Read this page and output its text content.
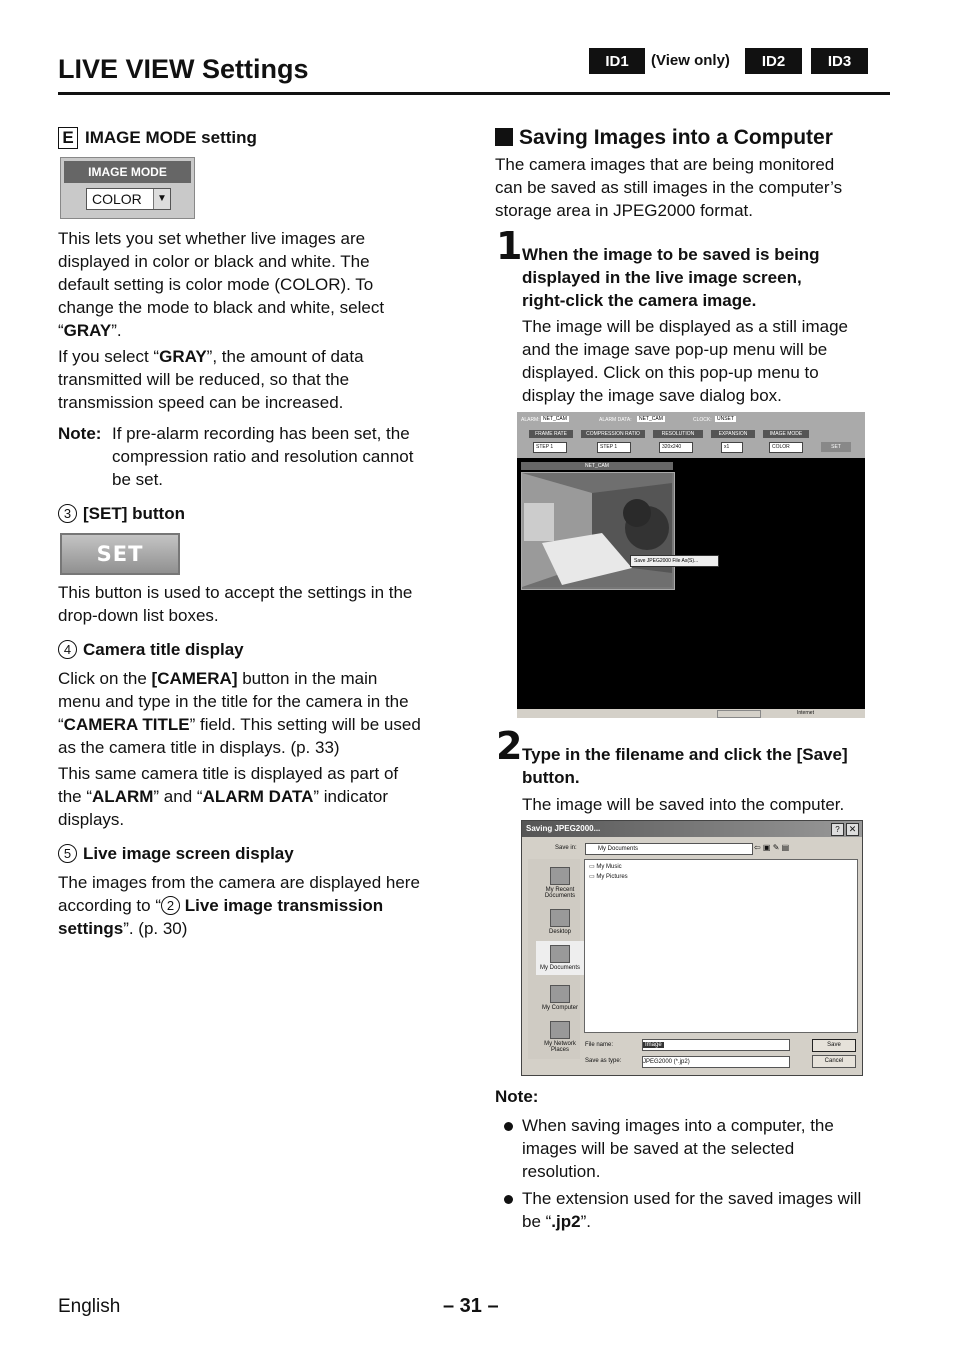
LIVE VIEW Settings	ID1	(View only)	ID2	ID3
E IMAGE MODE setting
IMAGE MODE
COLOR	▼
This lets you set whether live images are
displayed in color or black and white. The
default setting is color mode (COLOR). To
change the mode to black and white, select
“GRAY”.
If you select “GRAY”, the amount of data
transmitted will be reduced, so that the
transmission speed can be increased.
Note: If pre-alarm recording has been set, the
compression ratio and resolution cannot
be set.
3 [SET] button
SET
This button is used to accept the settings in the
drop-down list boxes.
4 Camera title display
Click on the [CAMERA] button in the main
menu and type in the title for the camera in the
“CAMERA TITLE” field. This setting will be used
as the camera title in displays. (p. 33)
This same camera title is displayed as part of
the “ALARM” and “ALARM DATA” indicator
displays.
5 Live image screen display
The images from the camera are displayed here
according to “ 2 Live image transmission
settings”. (p. 30)
Saving Images into a Computer
The camera images that are being monitored
can be saved as still images in the computer’s
storage area in JPEG2000 format.
1 When the image to be saved is being
displayed in the live image screen,
right-click the camera image.
The image will be displayed as a still image
and the image save pop-up menu will be
displayed. Click on this pop-up menu to
display the image save dialog box.
ALARM: NET_CAM	ALARM DATA:	NET_CAM	CLOCK:	UNSET
FRAME RATE	COMPRESSION RATIO	RESOLUTION	EXPANSION	IMAGE MODE
STEP 1	STEP 1	320x240	x1	COLOR	SET
NET_CAM
Save JPEG2000 File As(S)...
Internet
2 Type in the filename and click the [Save]
button.
The image will be saved into the computer.
Saving JPEG2000...	?	✕
Save in:	My Documents	⇦ ▣ ✎ ▤
My Recent Documents
Desktop
My Documents
My Computer
My Network Places
▭ My Music
▭ My Pictures
File name:	Image
Save as type:	JPEG2000 (*.jp2)
Save
Cancel
Note:
When saving images into a computer, the
images will be saved at the selected
resolution.
The extension used for the saved images will
be “.jp2”.
English	– 31 –
